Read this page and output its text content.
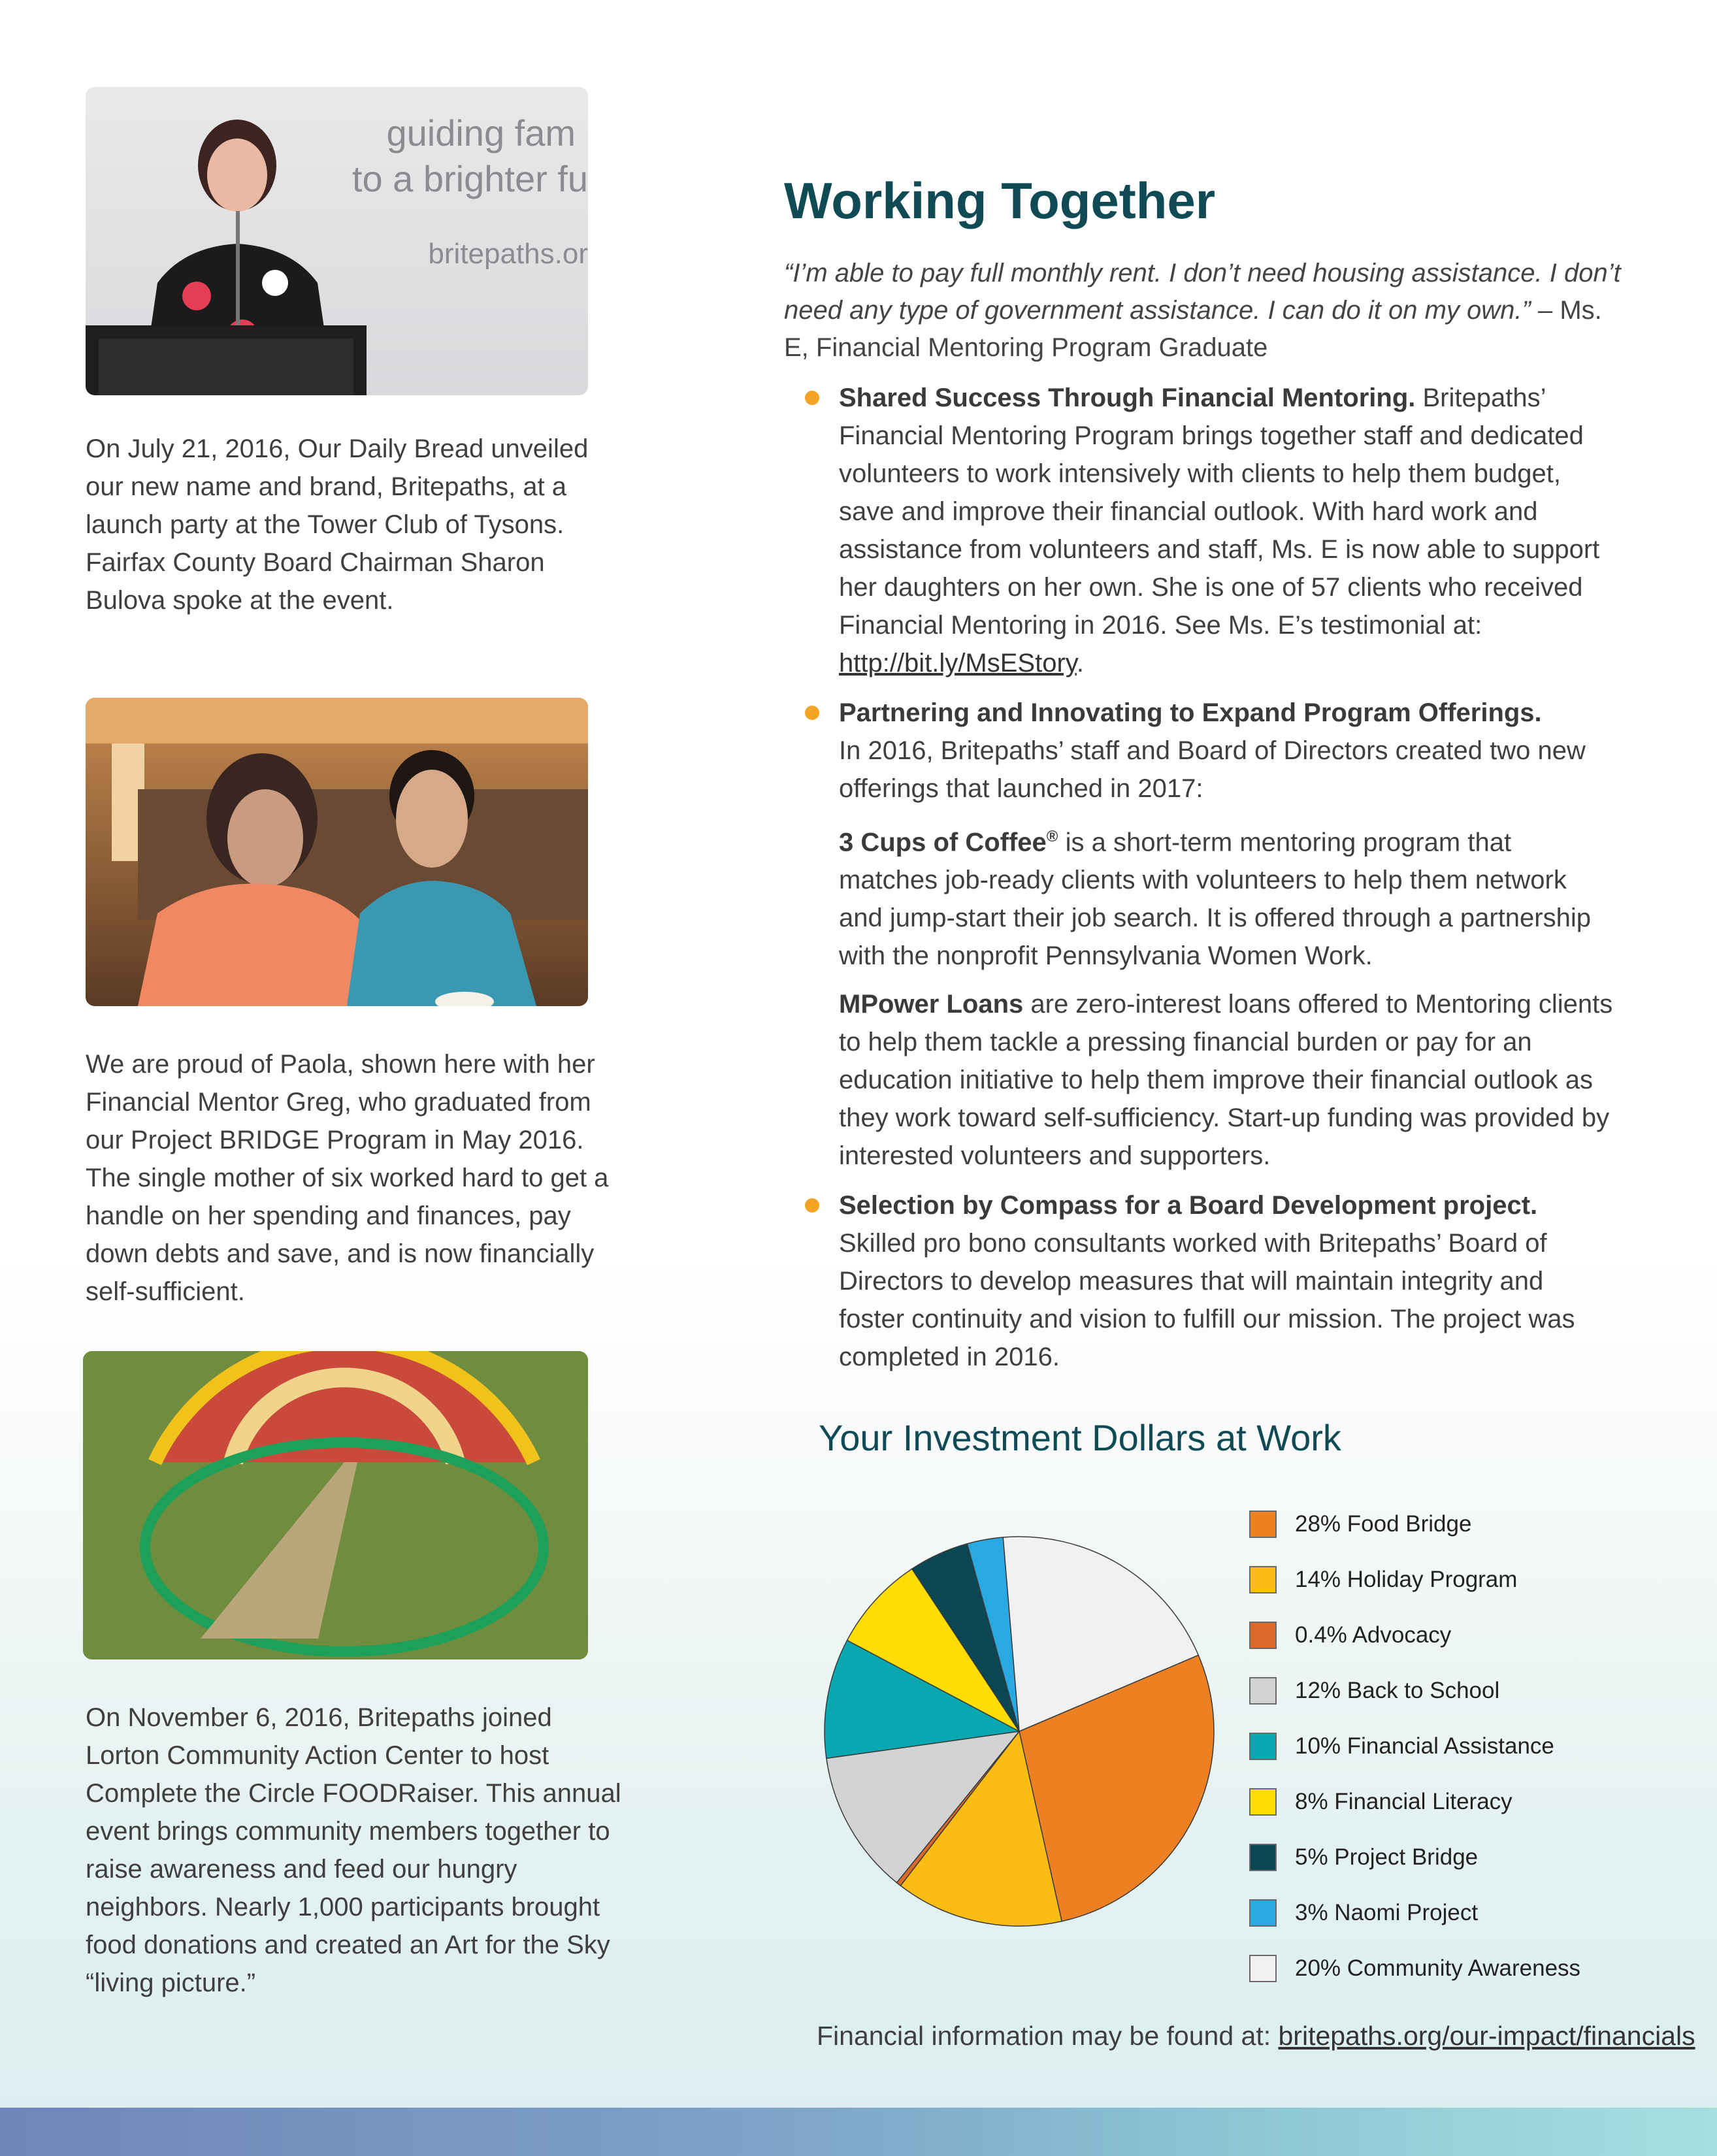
guiding fam
to a brighter fu
britepaths.or

On July 21, 2016, Our Daily Bread unveiled our new name and brand, Britepaths, at a launch party at the Tower Club of Tysons. Fairfax County Board Chairman Sharon Bulova spoke at the event.

We are proud of Paola, shown here with her Financial Mentor Greg, who graduated from our Project BRIDGE Program in May 2016. The single mother of six worked hard to get a handle on her spending and finances, pay down debts and save, and is now financially self-sufficient.

On November 6, 2016, Britepaths joined Lorton Community Action Center to host Complete the Circle FOODRaiser. This annual event brings community members together to raise awareness and feed our hungry neighbors. Nearly 1,000 participants brought food donations and created an Art for the Sky “living picture.”

Working Together

“I’m able to pay full monthly rent. I don’t need housing assistance. I don’t need any type of government assistance. I can do it on my own.” – Ms. E, Financial Mentoring Program Graduate

Shared Success Through Financial Mentoring. Britepaths’ Financial Mentoring Program brings together staff and dedicated volunteers to work intensively with clients to help them budget, save and improve their financial outlook. With hard work and assistance from volunteers and staff, Ms. E is now able to support her daughters on her own. She is one of 57 clients who received Financial Mentoring in 2016. See Ms. E’s testimonial at: http://bit.ly/MsEStory.

Partnering and Innovating to Expand Program Offerings.
In 2016, Britepaths’ staff and Board of Directors created two new offerings that launched in 2017:

3 Cups of Coffee® is a short-term mentoring program that matches job-ready clients with volunteers to help them network and jump-start their job search. It is offered through a partnership with the nonprofit Pennsylvania Women Work.

MPower Loans are zero-interest loans offered to Mentoring clients to help them tackle a pressing financial burden or pay for an education initiative to help them improve their financial outlook as they work toward self-sufficiency. Start-up funding was provided by interested volunteers and supporters.

Selection by Compass for a Board Development project.
Skilled pro bono consultants worked with Britepaths’ Board of Directors to develop measures that will maintain integrity and foster continuity and vision to fulfill our mission. The project was completed in 2016.

Your Investment Dollars at Work
28% Food Bridge
14% Holiday Program
0.4% Advocacy
12% Back to School
10% Financial Assistance
8% Financial Literacy
5% Project Bridge
3% Naomi Project
20% Community Awareness

Financial information may be found at: britepaths.org/our-impact/financials
